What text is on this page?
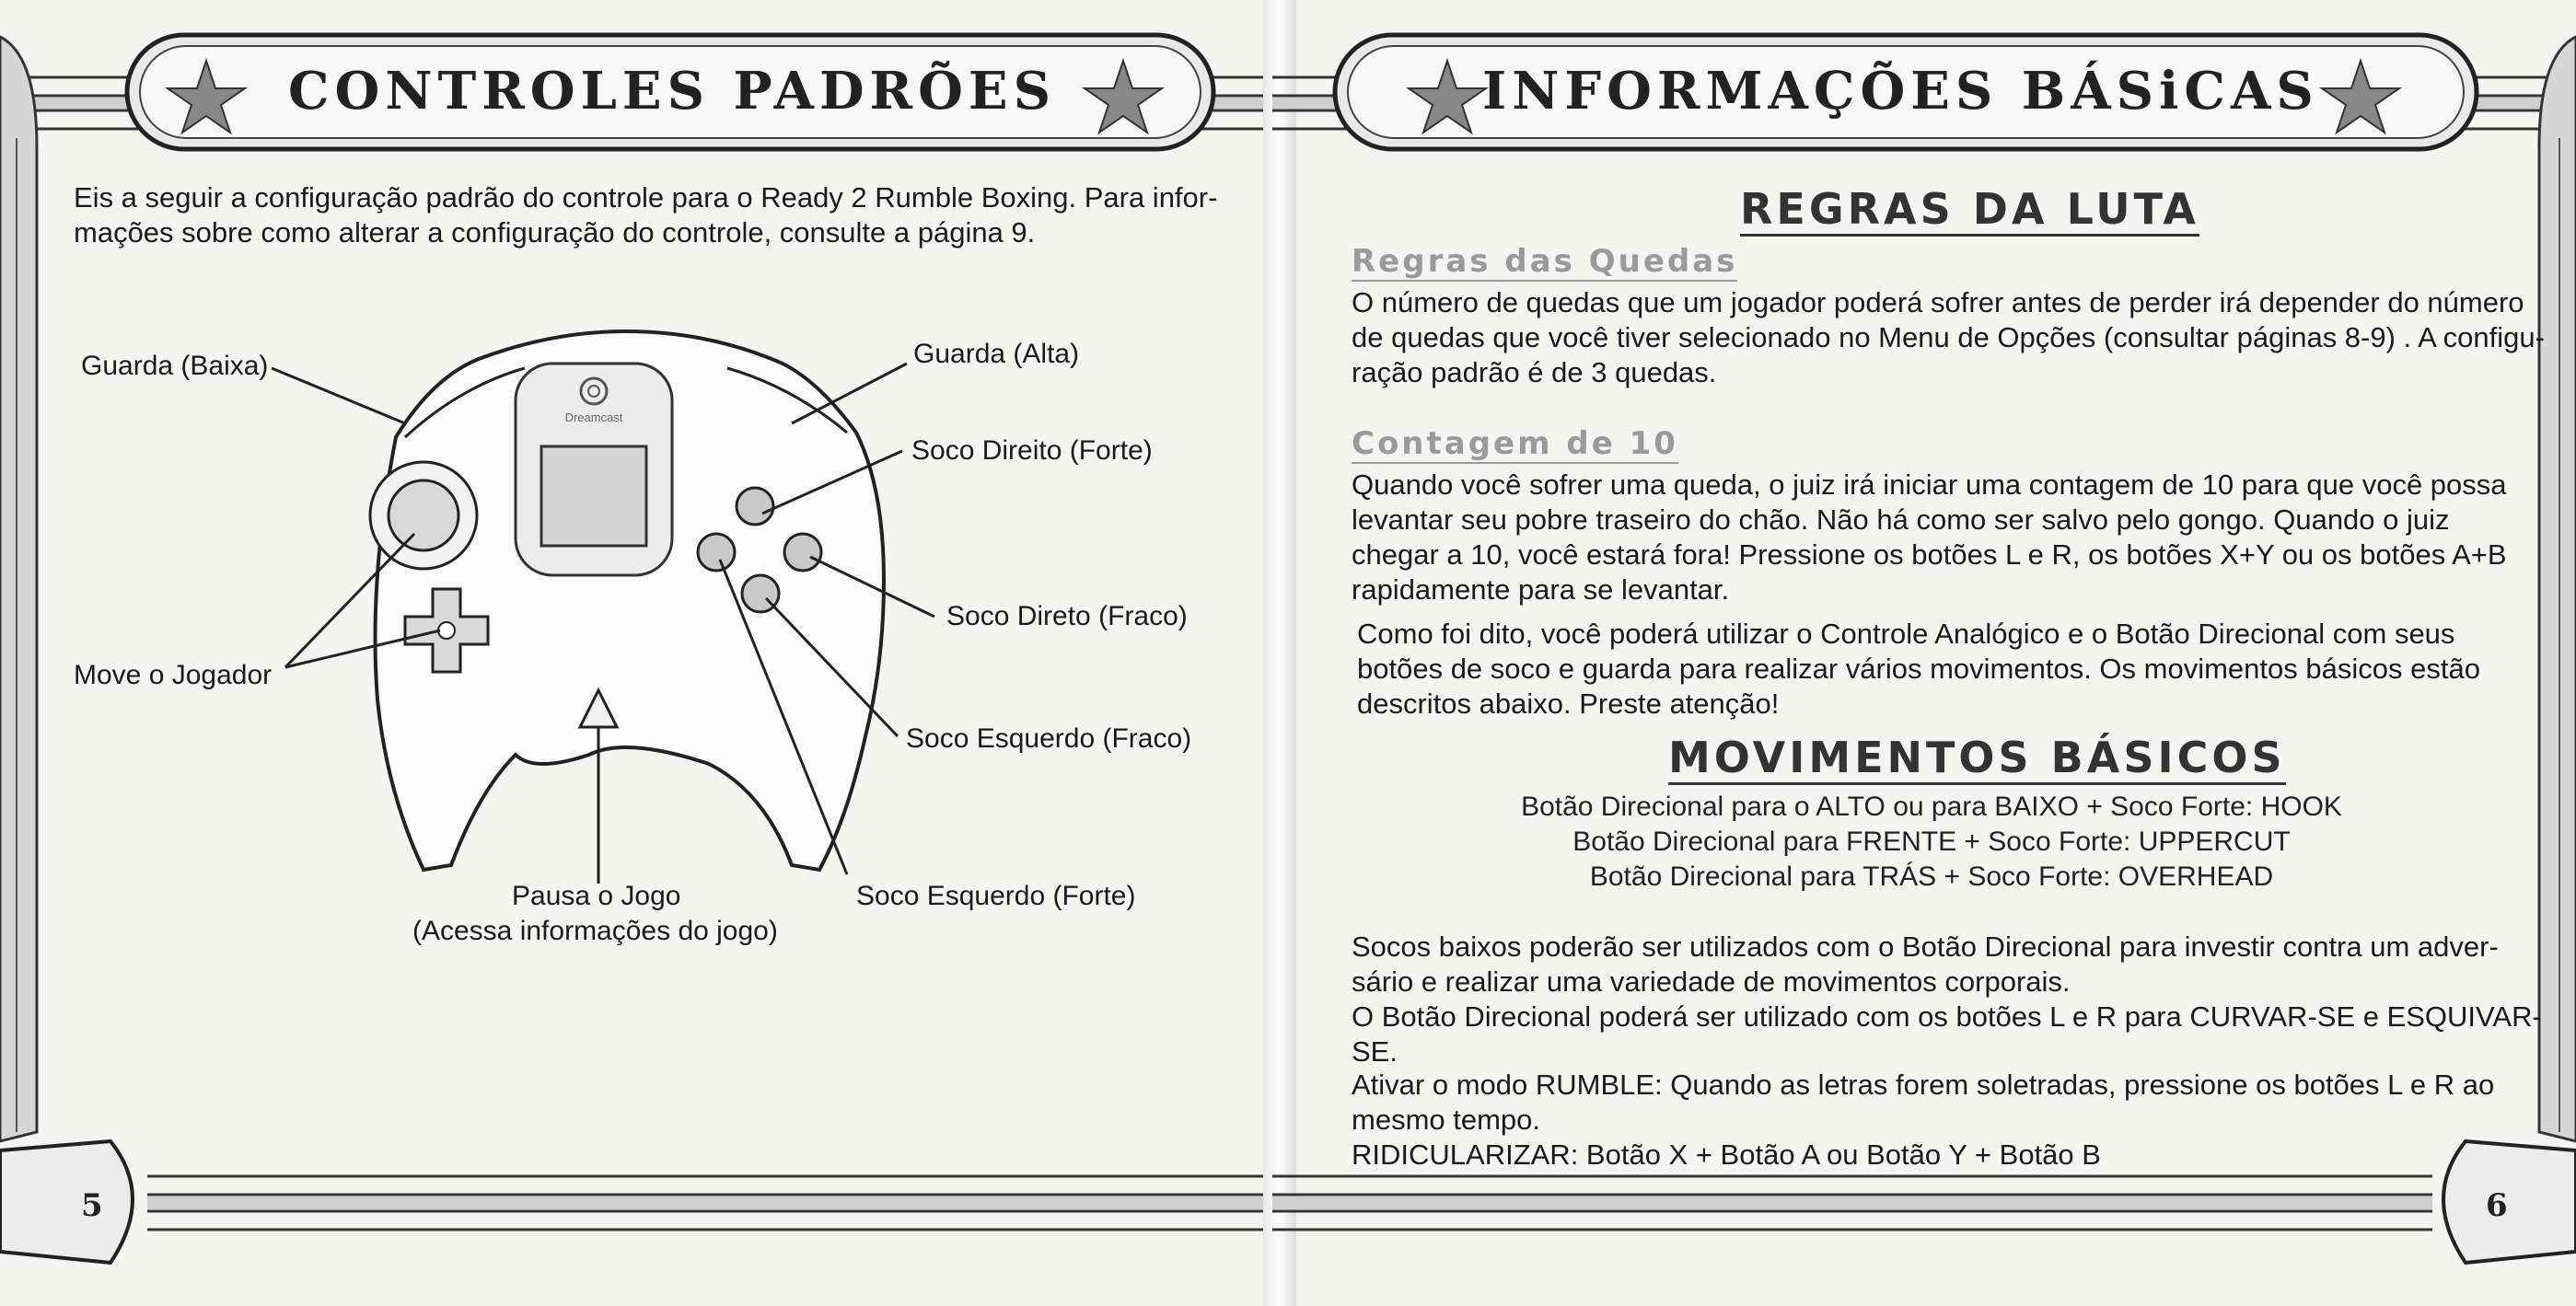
CONTROLES PADRÕES
Eis a seguir a configuração padrão do controle para o Ready 2 Rumble Boxing. Para infor-
mações sobre como alterar a configuração do controle, consulte a página 9.
Dreamcast
Guarda (Baixa)	Guarda (Alta)
Soco Direito (Forte)
Soco Direto (Fraco)
Soco Esquerdo (Fraco)
Move o Jogador
Pausa o Jogo
(Acessa informações do jogo)
Soco Esquerdo (Forte)
5
INFORMAÇÕES BÁSiCAS
REGRAS DA LUTA
Regras das Quedas
O número de quedas que um jogador poderá sofrer antes de perder irá depender do número
de quedas que você tiver selecionado no Menu de Opções (consultar páginas 8-9) . A configu-
ração padrão é de 3 quedas.
Contagem de 10
Quando você sofrer uma queda, o juiz irá iniciar uma contagem de 10 para que você possa
levantar seu pobre traseiro do chão. Não há como ser salvo pelo gongo. Quando o juiz
chegar a 10, você estará fora! Pressione os botões L e R, os botões X+Y ou os botões A+B
rapidamente para se levantar.
Como foi dito, você poderá utilizar o Controle Analógico e o Botão Direcional com seus
botões de soco e guarda para realizar vários movimentos. Os movimentos básicos estão
descritos abaixo. Preste atenção!
MOVIMENTOS BÁSICOS
Botão Direcional para o ALTO ou para BAIXO + Soco Forte: HOOK
Botão Direcional para FRENTE + Soco Forte: UPPERCUT
Botão Direcional para TRÁS + Soco Forte: OVERHEAD
Socos baixos poderão ser utilizados com o Botão Direcional para investir contra um adver-
sário e realizar uma variedade de movimentos corporais.
O Botão Direcional poderá ser utilizado com os botões L e R para CURVAR-SE e ESQUIVAR-SE.
Ativar o modo RUMBLE: Quando as letras forem soletradas, pressione os botões L e R ao
mesmo tempo.
RIDICULARIZAR: Botão X + Botão A ou Botão Y + Botão B
6
